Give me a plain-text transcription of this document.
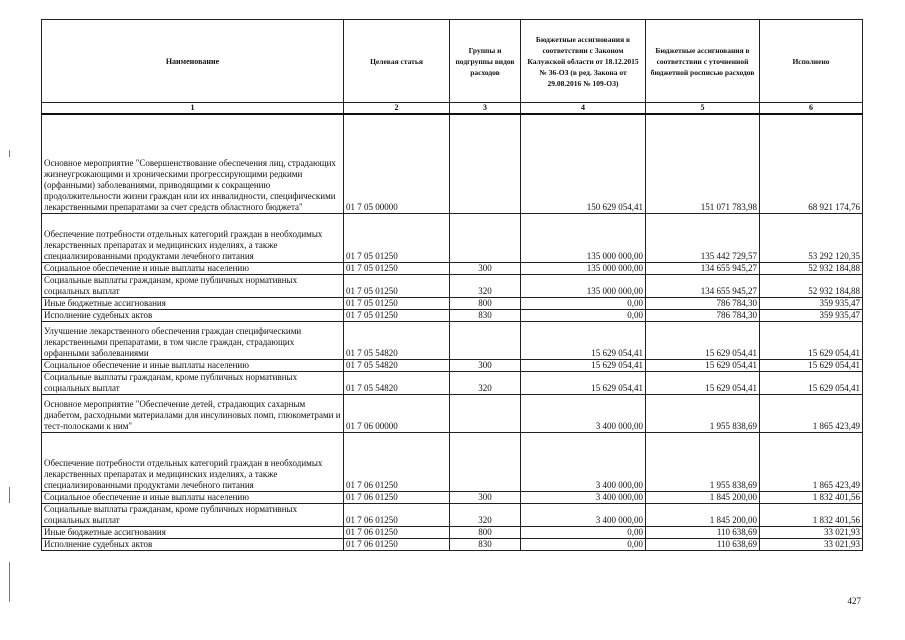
Наименование	Целевая статья	Группы и подгруппы видов расходов	Бюджетные ассигнования в соответствии с Законом Калужской области от 18.12.2015 № 36-ОЗ (в ред. Закона от 29.08.2016 № 109-ОЗ)	Бюджетные ассигнования в соответствии с уточненной бюджетной росписью расходов	Исполнено
1	2	3	4	5	6
Основное мероприятие "Совершенствование обеспечения лиц, страдающих жизнеугрожающими и хроническими прогрессирующими редкими (орфанными) заболеваниями, приводящими к сокращению продолжительности жизни граждан или их инвалидности, специфическими лекарственными препаратами за счет средств областного бюджета"	01 7 05 00000		150 629 054,41	151 071 783,98	68 921 174,76
Обеспечение потребности отдельных категорий граждан в необходимых лекарственных препаратах и медицинских изделиях, а также специализированными продуктами лечебного питания	01 7 05 01250		135 000 000,00	135 442 729,57	53 292 120,35
Социальное обеспечение и иные выплаты населению	01 7 05 01250	300	135 000 000,00	134 655 945,27	52 932 184,88
Социальные выплаты гражданам, кроме публичных нормативных социальных выплат	01 7 05 01250	320	135 000 000,00	134 655 945,27	52 932 184,88
Иные бюджетные ассигнования	01 7 05 01250	800	0,00	786 784,30	359 935,47
Исполнение судебных актов	01 7 05 01250	830	0,00	786 784,30	359 935,47
Улучшение лекарственного обеспечения граждан специфическими лекарственными препаратами, в том числе граждан, страдающих орфанными заболеваниями	01 7 05 54820		15 629 054,41	15 629 054,41	15 629 054,41
Социальное обеспечение и иные выплаты населению	01 7 05 54820	300	15 629 054,41	15 629 054,41	15 629 054,41
Социальные выплаты гражданам, кроме публичных нормативных социальных выплат	01 7 05 54820	320	15 629 054,41	15 629 054,41	15 629 054,41
Основное мероприятие "Обеспечение детей, страдающих сахарным диабетом, расходными материалами для инсулиновых помп, глюкометрами и тест-полосками к ним"	01 7 06 00000		3 400 000,00	1 955 838,69	1 865 423,49
Обеспечение потребности отдельных категорий граждан в необходимых лекарственных препаратах и медицинских изделиях, а также специализированными продуктами лечебного питания	01 7 06 01250		3 400 000,00	1 955 838,69	1 865 423,49
Социальное обеспечение и иные выплаты населению	01 7 06 01250	300	3 400 000,00	1 845 200,00	1 832 401,56
Социальные выплаты гражданам, кроме публичных нормативных социальных выплат	01 7 06 01250	320	3 400 000,00	1 845 200,00	1 832 401,56
Иные бюджетные ассигнования	01 7 06 01250	800	0,00	110 638,69	33 021,93
Исполнение судебных актов	01 7 06 01250	830	0,00	110 638,69	33 021,93
427
